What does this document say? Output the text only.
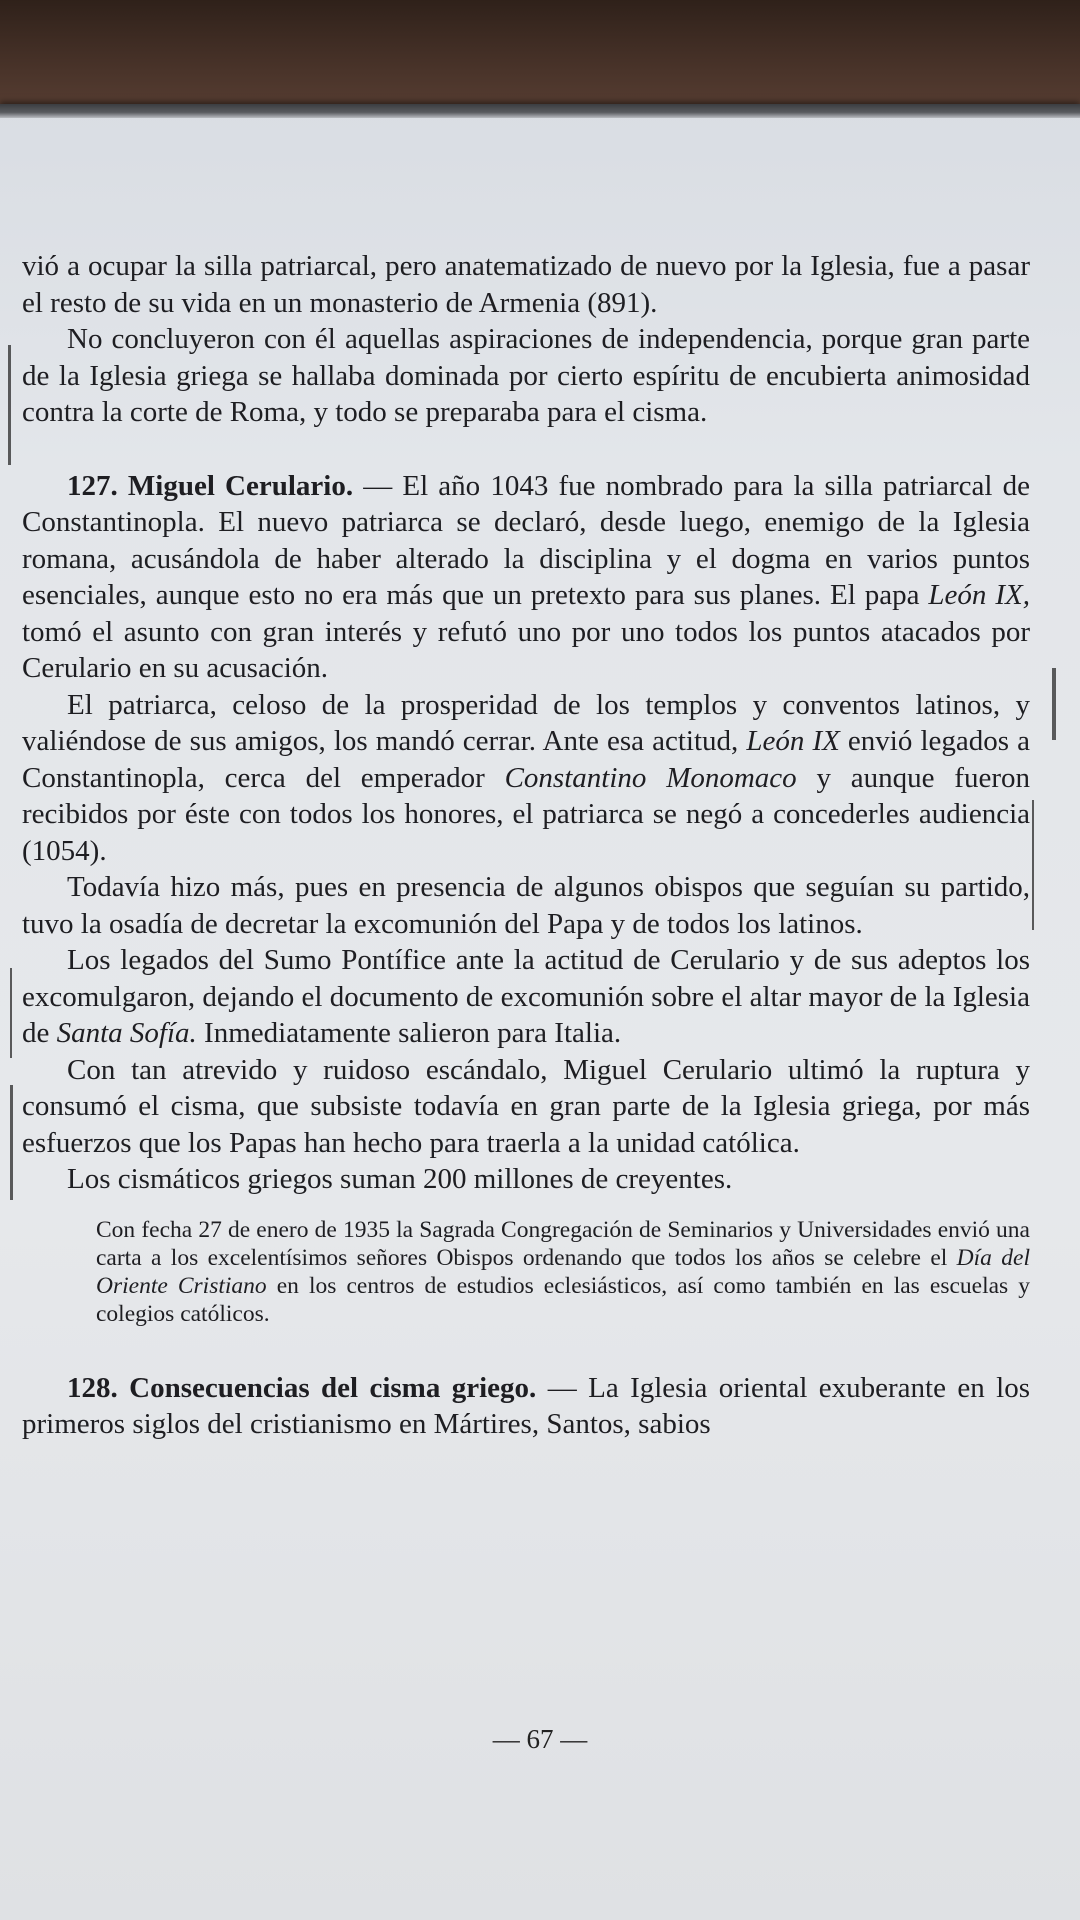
vió a ocupar la silla patriarcal, pero anatematizado de nuevo por la Iglesia, fue a pasar el resto de su vida en un monasterio de Armenia (891).

No concluyeron con él aquellas aspiraciones de independencia, porque gran parte de la Iglesia griega se hallaba dominada por cierto espíritu de encubierta animosidad contra la corte de Roma, y todo se preparaba para el cisma.

127. Miguel Cerulario. — El año 1043 fue nombrado para la silla patriarcal de Constantinopla. El nuevo patriarca se declaró, desde luego, enemigo de la Iglesia romana, acusándola de haber alterado la disciplina y el dogma en varios puntos esenciales, aunque esto no era más que un pretexto para sus planes. El papa León IX, tomó el asunto con gran interés y refutó uno por uno todos los puntos atacados por Cerulario en su acusación.

El patriarca, celoso de la prosperidad de los templos y conventos latinos, y valiéndose de sus amigos, los mandó cerrar. Ante esa actitud, León IX envió legados a Constantinopla, cerca del emperador Constantino Monomaco y aunque fueron recibidos por éste con todos los honores, el patriarca se negó a concederles audiencia (1054).

Todavía hizo más, pues en presencia de algunos obispos que seguían su partido, tuvo la osadía de decretar la excomunión del Papa y de todos los latinos.

Los legados del Sumo Pontífice ante la actitud de Cerulario y de sus adeptos los excomulgaron, dejando el documento de excomunión sobre el altar mayor de la Iglesia de Santa Sofía. Inmediatamente salieron para Italia.

Con tan atrevido y ruidoso escándalo, Miguel Cerulario ultimó la ruptura y consumó el cisma, que subsiste todavía en gran parte de la Iglesia griega, por más esfuerzos que los Papas han hecho para traerla a la unidad católica.

Los cismáticos griegos suman 200 millones de creyentes.

Con fecha 27 de enero de 1935 la Sagrada Congregación de Seminarios y Universidades envió una carta a los excelentísimos señores Obispos ordenando que todos los años se celebre el Día del Oriente Cristiano en los centros de estudios eclesiásticos, así como también en las escuelas y colegios católicos.

128. Consecuencias del cisma griego. — La Iglesia oriental exuberante en los primeros siglos del cristianismo en Mártires, Santos, sabios

— 67 —
